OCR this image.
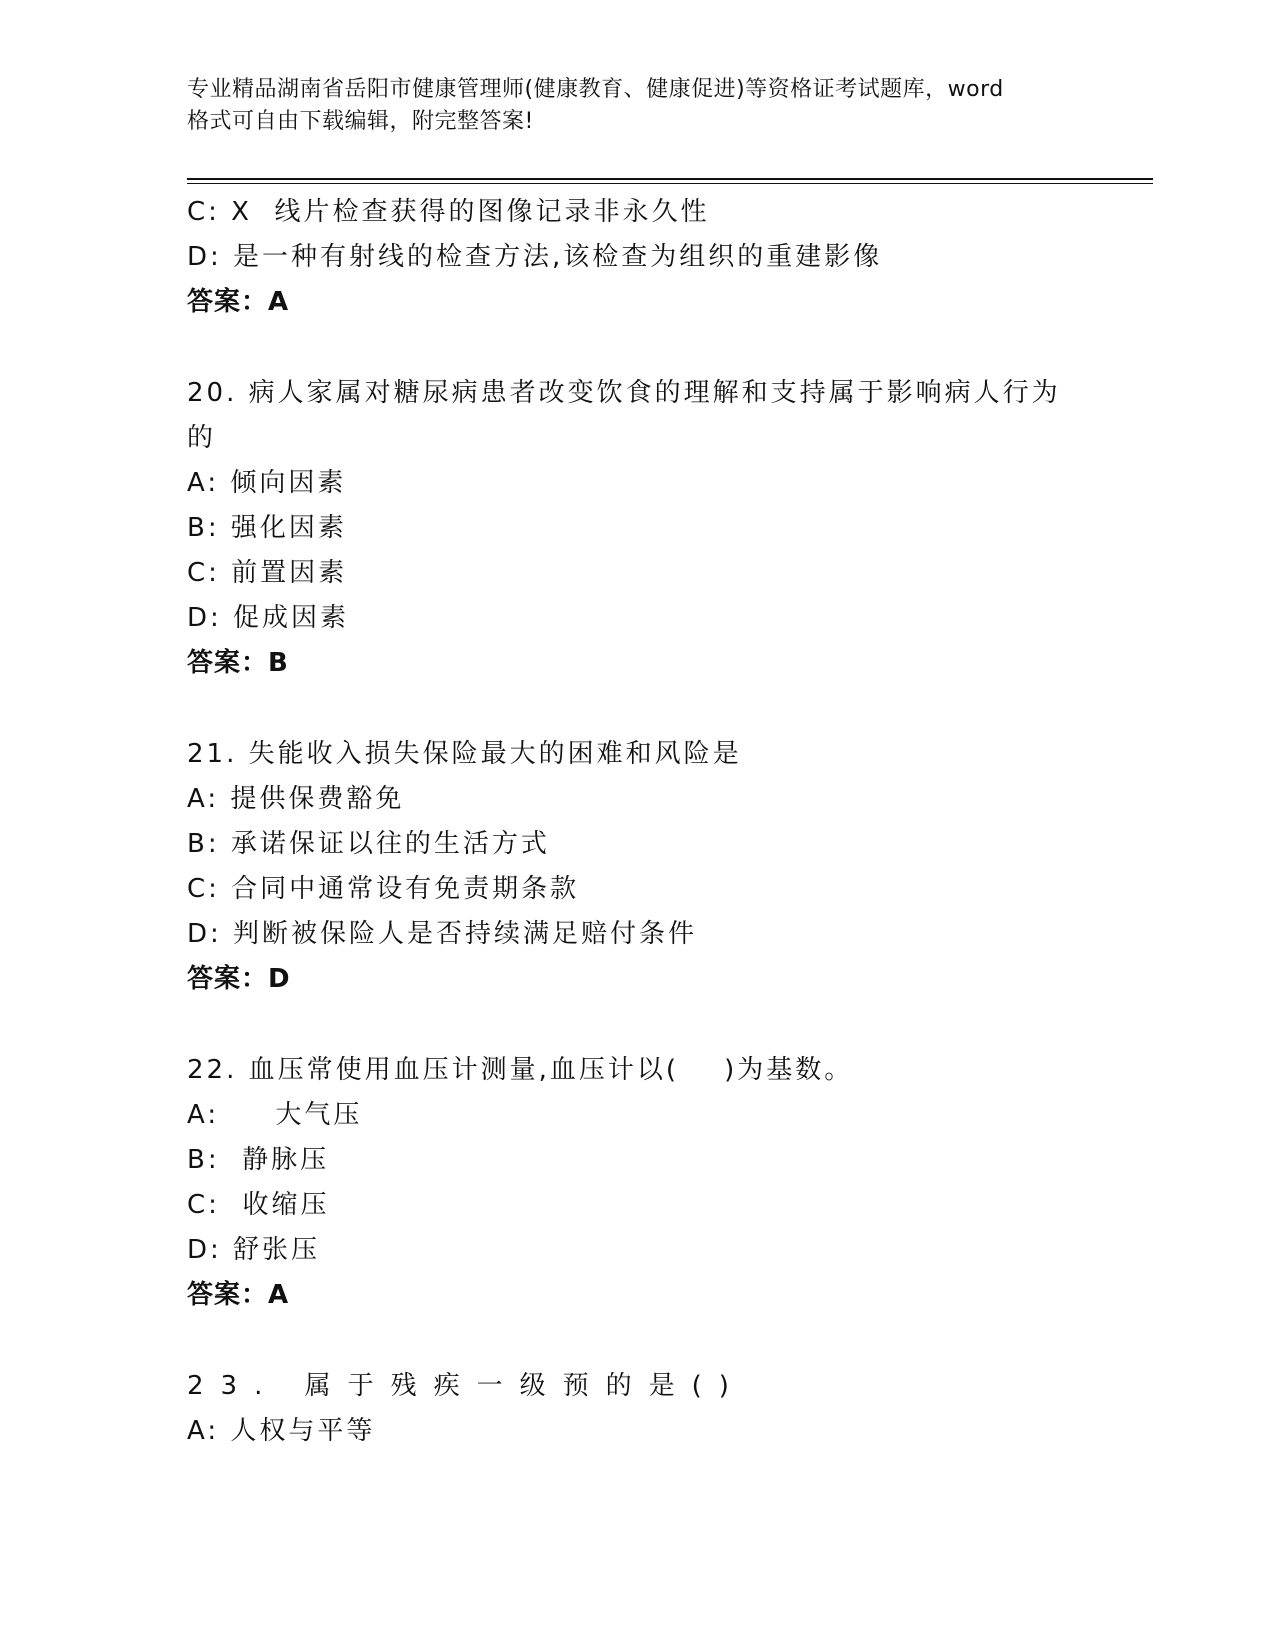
专业精品湖南省岳阳市健康管理师(健康教育、健康促进)等资格证考试题库，word
格式可自由下载编辑，附完整答案!
C: X  线片检查获得的图像记录非永久性
D: 是一种有射线的检查方法,该检查为组织的重建影像
答案：A
20. 病人家属对糖尿病患者改变饮食的理解和支持属于影响病人行为
的
A: 倾向因素
B: 强化因素
C: 前置因素
D: 促成因素
答案：B
21. 失能收入损失保险最大的困难和风险是
A: 提供保费豁免
B: 承诺保证以往的生活方式
C: 合同中通常设有免责期条款
D: 判断被保险人是否持续满足赔付条件
答案：D
22. 血压常使用血压计测量,血压计以(    )为基数。
A:     大气压
B:  静脉压
C:  收缩压
D: 舒张压
答案：A
23. 属于残疾一级预的是()
A: 人权与平等
